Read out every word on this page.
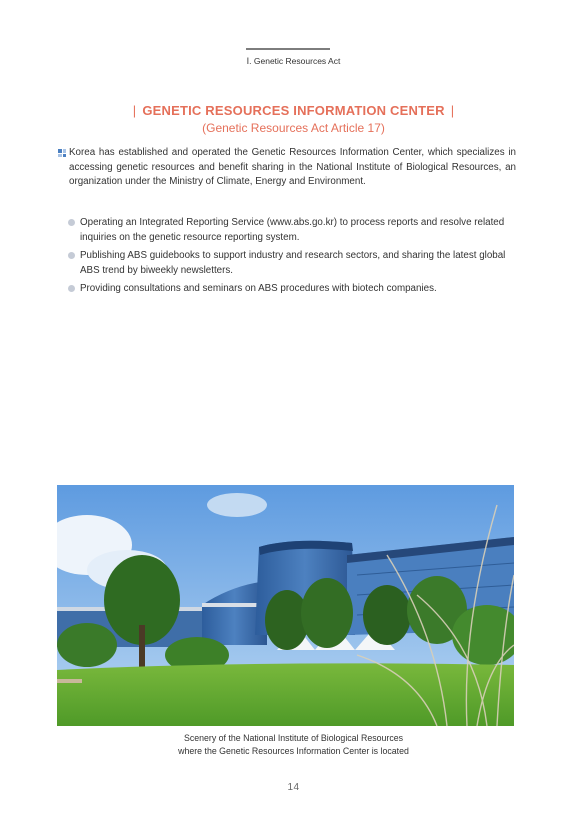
Ⅰ. Genetic Resources Act
| GENETIC RESOURCES INFORMATION CENTER |
(Genetic Resources Act Article 17)
Korea has established and operated the Genetic Resources Information Center, which specializes in accessing genetic resources and benefit sharing in the National Institute of Biological Resources, an organization under the Ministry of Climate, Energy and Environment.
Operating an Integrated Reporting Service (www.abs.go.kr) to process reports and resolve related inquiries on the genetic resource reporting system.
Publishing ABS guidebooks to support industry and research sectors, and sharing the latest global ABS trend by biweekly newsletters.
Providing consultations and seminars on ABS procedures with biotech companies.
Scenery of the National Institute of Biological Resources
where the Genetic Resources Information Center is located
14
